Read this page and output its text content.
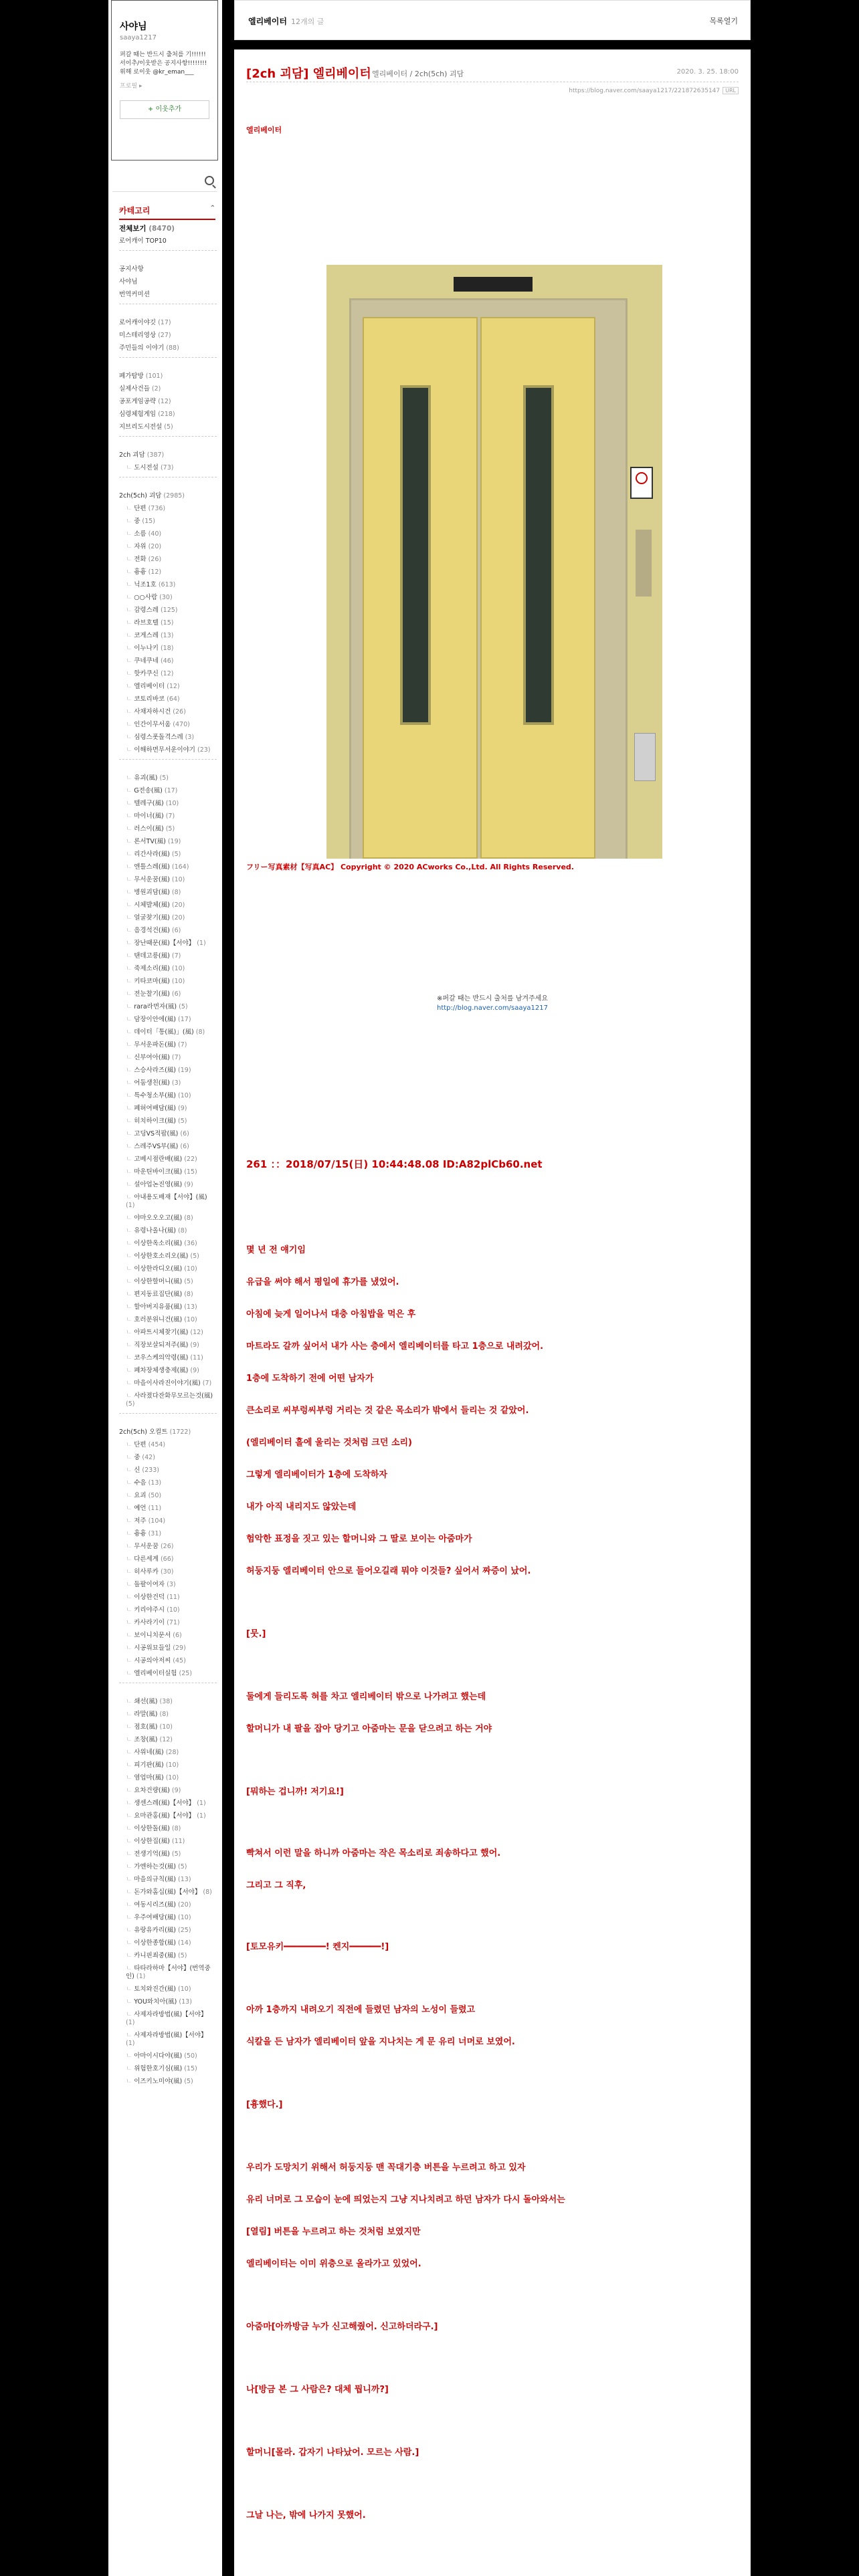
사야님
saaya1217
퍼갈 때는 반드시 출처를 기!!!!!! 서이추/이웃받은 공지사항!!!!!!!!위해 로이웃 @kr_eman___
프로필 ▸
+ 이웃추가
카테고리	⌃
전체보기 (8470)
로어캐이 TOP10
공지사항
사야님
번역커미션
로어캐이야깃 (17)
미스테리영상 (27)
주민들의 이야기 (88)
폐가탐방 (101)
실제사건들 (2)
공포게임공략 (12)
심령체험게임 (218)
지브리도시전설 (5)
2ch 괴담 (387)
ㄴ 도시전설 (73)
2ch(5ch) 괴담 (2985)
ㄴ 단편 (736)
ㄴ 중 (15)
ㄴ 소름 (40)
ㄴ 자위 (20)
ㄴ 전화 (26)
ㄴ 흉흉 (12)
ㄴ 닉조1호 (613)
ㄴ ○○사람 (30)
ㄴ 감령스레 (125)
ㄴ 라브호텔 (15)
ㄴ 코게스레 (13)
ㄴ 이누나키 (18)
ㄴ 쿠네쿠네 (46)
ㄴ 핫카쿠신 (12)
ㄴ 엘리베이터 (12)
ㄴ 코토리바코 (64)
ㄴ 사채자하시건 (26)
ㄴ 인간이무서움 (470)
ㄴ 심령스폿돌격스레 (3)
ㄴ 이해하면무서운이야기 (23)
ㄴ 유괴(風) (5)
ㄴ G전송(風) (17)
ㄴ 텔레구(風) (10)
ㄴ 마이너(風) (7)
ㄴ 러스이(風) (5)
ㄴ 론서TV(風) (19)
ㄴ 리간사라(風) (5)
ㄴ 엔틀스레(風) (164)
ㄴ 무서운꿈(風) (10)
ㄴ 병원괴담(風) (8)
ㄴ 시체발체(風) (20)
ㄴ 얼굴찾기(風) (20)
ㄴ 음경석건(風) (6)
ㄴ 장난때문(風)【서야】 (1)
ㄴ 탠데고릉(風) (7)
ㄴ 죽제소리(風) (10)
ㄴ 키타코마(風) (10)
ㄴ 전눈찰기(風) (6)
ㄴ rara라면자(風) (5)
ㄴ 담장이안에(風) (17)
ㄴ 데이터「통(風)」(風) (8)
ㄴ 무서운파돈(風) (7)
ㄴ 신부여아(風) (7)
ㄴ 스승사라즈(風) (19)
ㄴ 어둠생친(風) (3)
ㄴ 특수청소부(風) (10)
ㄴ 폐허여배담(風) (9)
ㄴ 히치하이크(風) (5)
ㄴ 고딩VS적팝(風) (6)
ㄴ 스레주VS부(風) (6)
ㄴ 고베시점란배(風) (22)
ㄴ 마운틴바이크(風) (15)
ㄴ 설아업논진영(風) (9)
ㄴ 아내용도배재【서야】(風) (1)
ㄴ 야마오오오고(風) (8)
ㄴ 유령나올나(風) (8)
ㄴ 이상한옥소리(風) (36)
ㄴ 이상한호소리오(風) (5)
ㄴ 이상한라디오(風) (10)
ㄴ 이상한할머니(風) (5)
ㄴ 편지동료집단(風) (8)
ㄴ 할아버지유품(風) (13)
ㄴ 호러분위니건(風) (10)
ㄴ 아파트시체찾기(風) (12)
ㄴ 직장보살되저주(風) (9)
ㄴ 코우스케의악령(風) (11)
ㄴ 폐차장체생충제(風) (9)
ㄴ 마을이사라진이야기(風) (7)
ㄴ 사라졌다잔화무모르는것(風) (5)
2ch(5ch) 오컬트 (1722)
ㄴ 단편 (454)
ㄴ 중 (42)
ㄴ 신 (233)
ㄴ 수음 (13)
ㄴ 요괴 (50)
ㄴ 예언 (11)
ㄴ 저주 (104)
ㄴ 흉흉 (31)
ㄴ 무서운꿈 (26)
ㄴ 다른세계 (66)
ㄴ 히사루카 (30)
ㄴ 돌팔이여자 (3)
ㄴ 이상한건덕 (11)
ㄴ 키리야주시 (10)
ㄴ 카사라기이 (71)
ㄴ 보이니치문서 (6)
ㄴ 시공위묘들일 (29)
ㄴ 시공의아저씨 (45)
ㄴ 엘리베이터실험 (25)
ㄴ 쇄선(風) (38)
ㄴ 라말(風) (8)
ㄴ 점호(風) (10)
ㄴ 조창(風) (12)
ㄴ 사위네(風) (28)
ㄴ 피기판(風) (10)
ㄴ 염업마(風) (10)
ㄴ 요차건량(風) (9)
ㄴ 생센스레(風)【서야】 (1)
ㄴ 요마관홍(風)【서야】 (1)
ㄴ 이상한돌(風) (8)
ㄴ 이상한집(風) (11)
ㄴ 전생기억(風) (5)
ㄴ 가엔하는것(風) (5)
ㄴ 마을의규칙(風) (13)
ㄴ 돈가와홈십(風)【서야】 (8)
ㄴ 여동시리즈(風) (20)
ㄴ 우주여배당(風) (10)
ㄴ 유랑유카리(風) (25)
ㄴ 이상한종합(風) (14)
ㄴ 카니핀죄중(風) (5)
ㄴ 타타라하마【서야】(번역중인) (1)
ㄴ 토치와진간(風) (10)
ㄴ YOU와치아(風) (13)
ㄴ 사제자라방법(風)【서야】 (1)
ㄴ 사제자라방법(風)【서야】 (1)
ㄴ 아마이시다야(風) (50)
ㄴ 위험한호기심(風) (15)
ㄴ 이즈키노미야(風) (5)
엘리베이터 12개의 글	목록열기
[2ch 괴담] 엘리베이터 엘리베이터 / 2ch(5ch) 괴담	2020. 3. 25. 18:00
https://blog.naver.com/saaya1217/221872635147 URL
엘리베이터
フリー写真素材【写真AC】 Copyright © 2020 ACworks Co.,Ltd. All Rights Reserved.
※퍼갈 때는 반드시 출처를 남겨주세요
http://blog.naver.com/saaya1217
261 ：：2018/07/15(日) 10:44:48.08 ID:A82plCb60.net
몇 년 전 얘기임
유급을 써야 해서 평일에 휴가를 냈었어.
아침에 늦게 일어나서 대충 아침밥을 먹은 후
마트라도 갈까 싶어서 내가 사는 층에서 엘리베이터를 타고 1층으로 내려갔어.
1층에 도착하기 전에 어떤 남자가
큰소리로 씨부렁씨부렁 거리는 것 같은 목소리가 밖에서 들리는 것 같았어.
(엘리베이터 홀에 울리는 것처럼 크던 소리)
그렇게 엘리베이터가 1층에 도착하자
내가 아직 내리지도 않았는데
험악한 표정을 짓고 있는 할머니와 그 딸로 보이는 아줌마가
허둥지둥 엘리베이터 안으로 들어오길래 뭐야 이것들? 싶어서 짜증이 났어.
[뭇.]
둘에게 들리도록 혀를 차고 엘리베이터 밖으로 나가려고 했는데
할머니가 내 팔을 잡아 당기고 아줌마는 문을 닫으려고 하는 거야
[뭐하는 겁니까! 저기요!]
빡쳐서 이런 말을 하니까 아줌마는 작은 목소리로 죄송하다고 했어.
그리고 그 직후,
[토모유키━━━━━━━━! 켄지━━━━━━!]
아까 1층까지 내려오기 직전에 들렸던 남자의 노성이 들렸고
식칼을 든 남자가 엘리베이터 앞을 지나치는 게 문 유리 너머로 보였어.
[흉했다.]
우리가 도망치기 위해서 허둥지둥 맨 꼭대기층 버튼을 누르려고 하고 있자
유리 너머로 그 모습이 눈에 띄었는지 그냥 지나치려고 하던 남자가 다시 돌아와서는
[열림] 버튼을 누르려고 하는 것처럼 보였지만
엘리베이터는 이미 위층으로 올라가고 있었어.
아줌마[아까방금 누가 신고해줬어. 신고하더라구.]
나[방금 본 그 사람은? 대체 뭡니까?]
할머니[몰라. 갑자기 나타났어. 모르는 사람.]
그날 나는, 밖에 나가지 못했어.
